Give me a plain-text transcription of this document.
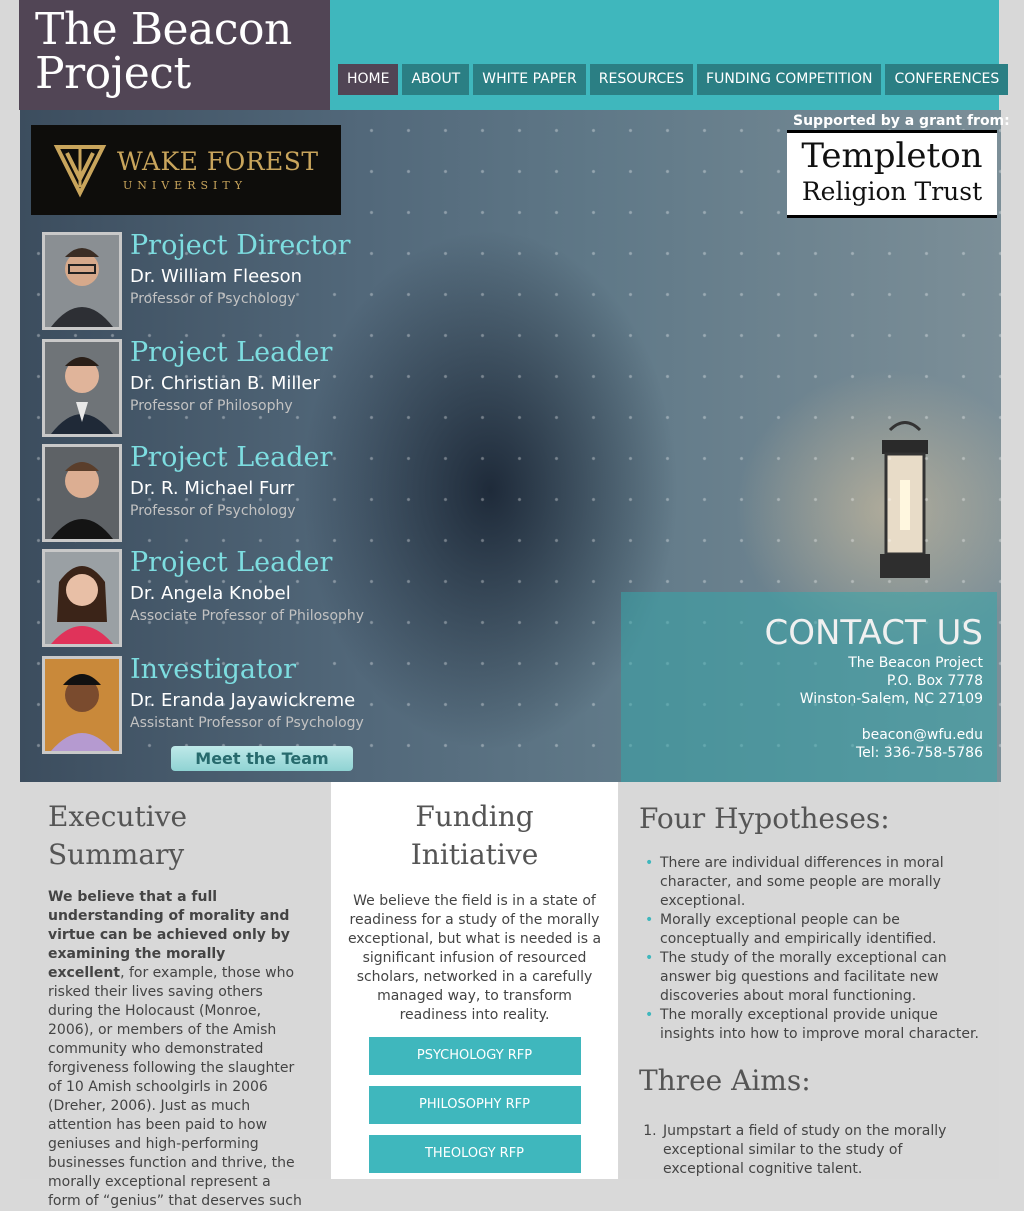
The Beacon
Project	HOME	ABOUT	WHITE PAPER	RESOURCES	FUNDING COMPETITION	CONFERENCES
WAKE FOREST
UNIVERSITY
Supported by a grant from:
Templeton
Religion Trust
Project Director
Dr. William Fleeson
Professor of Psychology
Project Leader
Dr. Christian B. Miller
Professor of Philosophy
Project Leader
Dr. R. Michael Furr
Professor of Psychology
Project Leader
Dr. Angela Knobel
Associate Professor of Philosophy
Investigator
Dr. Eranda Jayawickreme
Assistant Professor of Psychology
Meet the Team
CONTACT US
The Beacon Project
P.O. Box 7778
Winston-Salem, NC 27109
beacon@wfu.edu
Tel: 336-758-5786
Executive
Summary

We believe that a full understanding of morality and virtue can be achieved only by examining the morally excellent, for example, those who risked their lives saving others during the Holocaust (Monroe, 2006), or members of the Amish community who demonstrated forgiveness following the slaughter of 10 Amish schoolgirls in 2006 (Dreher, 2006). Just as much attention has been paid to how geniuses and high-performing businesses function and thrive, the morally exceptional represent a form of “genius” that deserves such

Funding
Initiative

We believe the field is in a state of readiness for a study of the morally exceptional, but what is needed is a significant infusion of resourced scholars, networked in a carefully managed way, to transform readiness into reality.

PSYCHOLOGY RFP
PHILOSOPHY RFP
THEOLOGY RFP
Four Hypotheses:
• There are individual differences in moral character, and some people are morally exceptional.
• Morally exceptional people can be conceptually and empirically identified.
• The study of the morally exceptional can answer big questions and facilitate new discoveries about moral functioning.
• The morally exceptional provide unique insights into how to improve moral character.
Three Aims:
1. Jumpstart a field of study on the morally exceptional similar to the study of exceptional cognitive talent.
